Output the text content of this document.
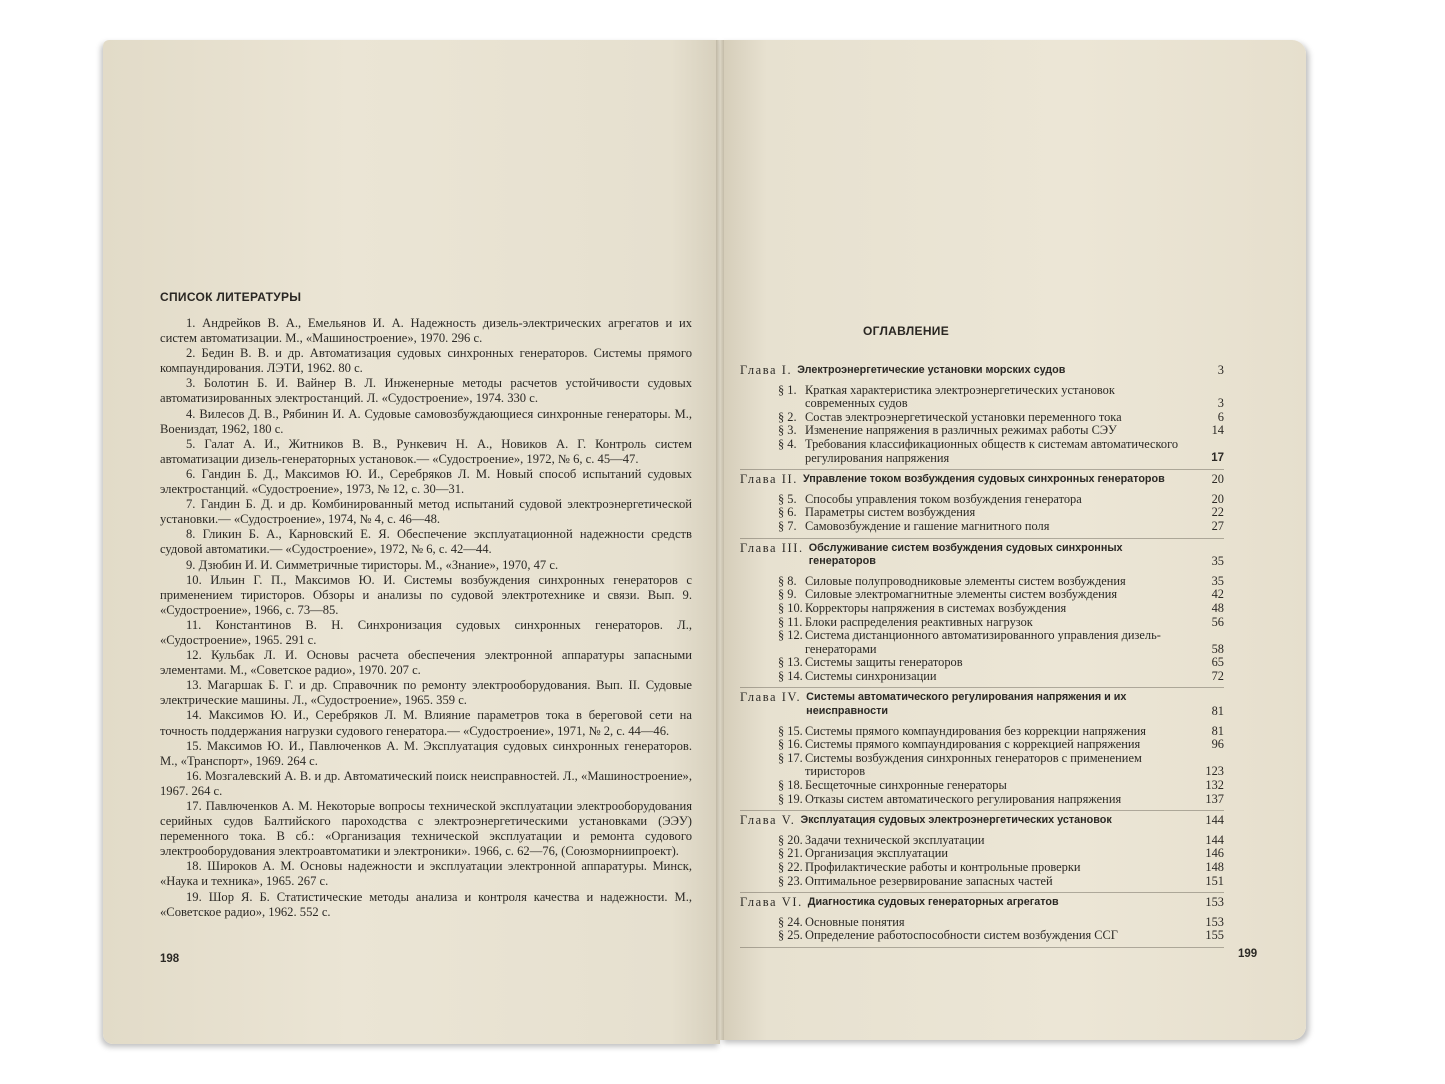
СПИСОК ЛИТЕРАТУРЫ

1. Андрейков В. А., Емельянов И. А. Надежность дизель-электрических агрегатов и их систем автоматизации. М., «Машиностроение», 1970. 296 с.

2. Бедин В. В. и др. Автоматизация судовых синхронных генераторов. Системы прямого компаундирования. ЛЭТИ, 1962. 80 с.

3. Болотин Б. И. Вайнер В. Л. Инженерные методы расчетов устойчивости судовых автоматизированных электростанций. Л. «Судостроение», 1974. 330 с.

4. Вилесов Д. В., Рябинин И. А. Судовые самовозбуждающиеся синхронные генераторы. М., Воениздат, 1962, 180 с.

5. Галат А. И., Житников В. В., Рункевич Н. А., Новиков А. Г. Контроль систем автоматизации дизель-генераторных установок.— «Судостроение», 1972, № 6, с. 45—47.

6. Гандин Б. Д., Максимов Ю. И., Серебряков Л. М. Новый способ испытаний судовых электростанций. «Судостроение», 1973, № 12, с. 30—31.

7. Гандин Б. Д. и др. Комбинированный метод испытаний судовой электроэнергетической установки.— «Судостроение», 1974, № 4, с. 46—48.

8. Гликин Б. А., Карновский Е. Я. Обеспечение эксплуатационной надежности средств судовой автоматики.— «Судостроение», 1972, № 6, с. 42—44.

9. Дзюбин И. И. Симметричные тиристоры. М., «Знание», 1970, 47 с.

10. Ильин Г. П., Максимов Ю. И. Системы возбуждения синхронных генераторов с применением тиристоров. Обзоры и анализы по судовой электротехнике и связи. Вып. 9. «Судостроение», 1966, с. 73—85.

11. Константинов В. Н. Синхронизация судовых синхронных генераторов. Л., «Судостроение», 1965. 291 с.

12. Кульбак Л. И. Основы расчета обеспечения электронной аппаратуры запасными элементами. М., «Советское радио», 1970. 207 с.

13. Магаршак Б. Г. и др. Справочник по ремонту электрооборудования. Вып. II. Судовые электрические машины. Л., «Судостроение», 1965. 359 с.

14. Максимов Ю. И., Серебряков Л. М. Влияние параметров тока в береговой сети на точность поддержания нагрузки судового генератора.— «Судостроение», 1971, № 2, с. 44—46.

15. Максимов Ю. И., Павлюченков А. М. Эксплуатация судовых синхронных генераторов. М., «Транспорт», 1969. 264 с.

16. Мозгалевский А. В. и др. Автоматический поиск неисправностей. Л., «Машиностроение», 1967. 264 с.

17. Павлюченков А. М. Некоторые вопросы технической эксплуатации электрооборудования серийных судов Балтийского пароходства с электроэнергетическими установками (ЭЭУ) переменного тока. В сб.: «Организация технической эксплуатации и ремонта судового электрооборудования электроавтоматики и электроники». 1966, с. 62—76, (Союзморниипроект).

18. Широков А. М. Основы надежности и эксплуатации электронной аппаратуры. Минск, «Наука и техника», 1965. 267 с.

19. Шор Я. Б. Статистические методы анализа и контроля качества и надежности. М., «Советское радио», 1962. 552 с.

198
ОГЛАВЛЕНИЕ
Глава I. Электроэнергетические установки морских судов	3
§ 1. Краткая характеристика электроэнергетических установок современных судов	3
§ 2. Состав электроэнергетической установки переменного тока	6
§ 3. Изменение напряжения в различных режимах работы СЭУ	14
§ 4. Требования классификационных обществ к системам автоматического регулирования напряжения	17
Глава II. Управление током возбуждения судовых синхронных генераторов	20
§ 5. Способы управления током возбуждения генератора	20
§ 6. Параметры систем возбуждения	22
§ 7. Самовозбуждение и гашение магнитного поля	27
Глава III. Обслуживание систем возбуждения судовых синхронных генераторов	35
§ 8. Силовые полупроводниковые элементы систем возбуждения	35
§ 9. Силовые электромагнитные элементы систем возбуждения	42
§ 10. Корректоры напряжения в системах возбуждения	48
§ 11. Блоки распределения реактивных нагрузок	56
§ 12. Система дистанционного автоматизированного управления дизель-генераторами	58
§ 13. Системы защиты генераторов	65
§ 14. Системы синхронизации	72
Глава IV. Системы автоматического регулирования напряжения и их неисправности	81
§ 15. Системы прямого компаундирования без коррекции напряжения	81
§ 16. Системы прямого компаундирования с коррекцией напряжения	96
§ 17. Системы возбуждения синхронных генераторов с применением тиристоров	123
§ 18. Бесщеточные синхронные генераторы	132
§ 19. Отказы систем автоматического регулирования напряжения	137
Глава V. Эксплуатация судовых электроэнергетических установок	144
§ 20. Задачи технической эксплуатации	144
§ 21. Организация эксплуатации	146
§ 22. Профилактические работы и контрольные проверки	148
§ 23. Оптимальное резервирование запасных частей	151
Глава VI. Диагностика судовых генераторных агрегатов	153
§ 24. Основные понятия	153
§ 25. Определение работоспособности систем возбуждения ССГ	155
199
